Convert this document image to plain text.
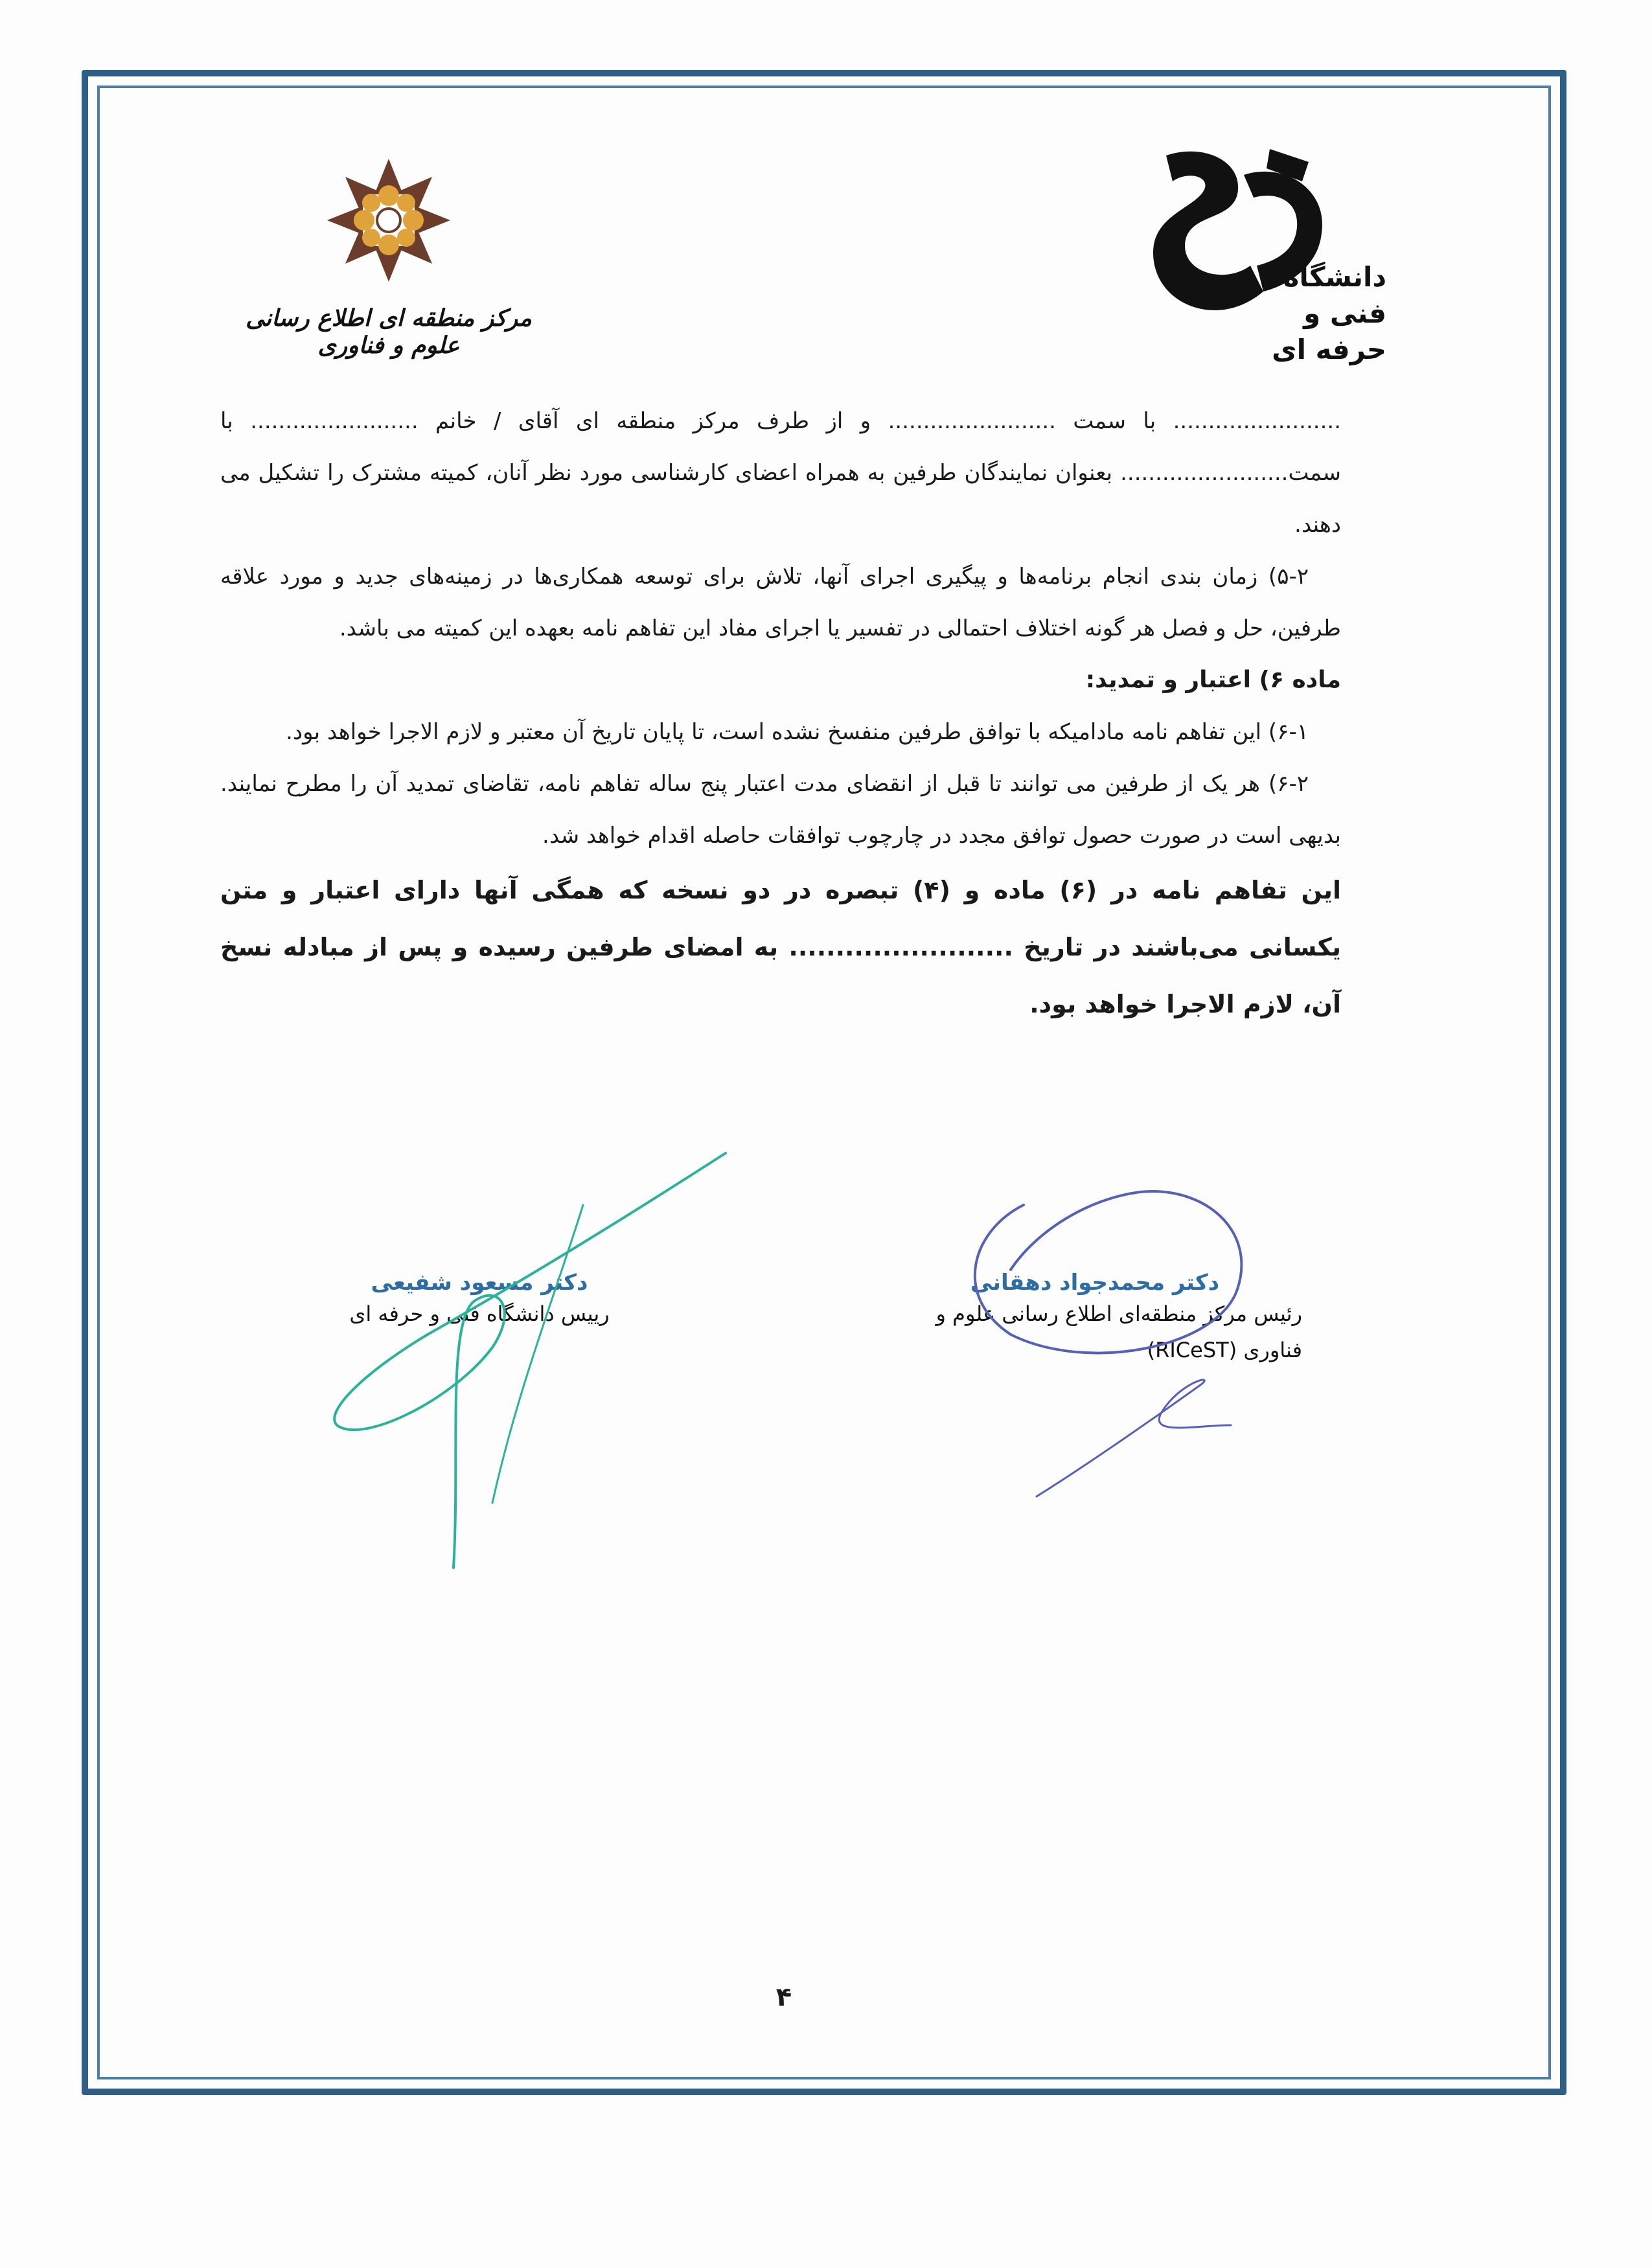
دانشگاه
فنی و حرفه ای
مرکز منطقه ای اطلاع رسانی علوم و فناوری

........................ با سمت ........................ و از طرف مرکز منطقه ای آقای / خانم ........................ با سمت........................ بعنوان نمایندگان طرفین به همراه اعضای کارشناسی مورد نظر آنان، کمیته مشترک را تشکیل می دهند.

۵-۲) زمان بندی انجام برنامه‌ها و پیگیری اجرای آنها، تلاش برای توسعه همکاری‌ها در زمینه‌های جدید و مورد علاقه طرفین، حل و فصل هر گونه اختلاف احتمالی در تفسیر یا اجرای مفاد این تفاهم نامه بعهده این کمیته می باشد.

ماده ۶) اعتبار و تمدید:

۶-۱) این تفاهم نامه مادامیکه با توافق طرفین منفسخ نشده است، تا پایان تاریخ آن معتبر و لازم الاجرا خواهد بود.

۶-۲) هر یک از طرفین می توانند تا قبل از انقضای مدت اعتبار پنج ساله تفاهم نامه، تقاضای تمدید آن را مطرح نمایند. بدیهی است در صورت حصول توافق مجدد در چارچوب توافقات حاصله اقدام خواهد شد.

این تفاهم نامه در (۶) ماده و (۴) تبصره در دو نسخه که همگی آنها دارای اعتبار و متن یکسانی می‌باشند در تاریخ ........................ به امضای طرفین رسیده و پس از مبادله نسخ آن، لازم الاجرا خواهد بود.

دکتر محمدجواد دهقانی
رئیس مرکز منطقه‌ای اطلاع رسانی علوم و
فناوری (RICeST)
دکتر مسعود شفیعی
رییس دانشگاه فنی و حرفه ای
۴
